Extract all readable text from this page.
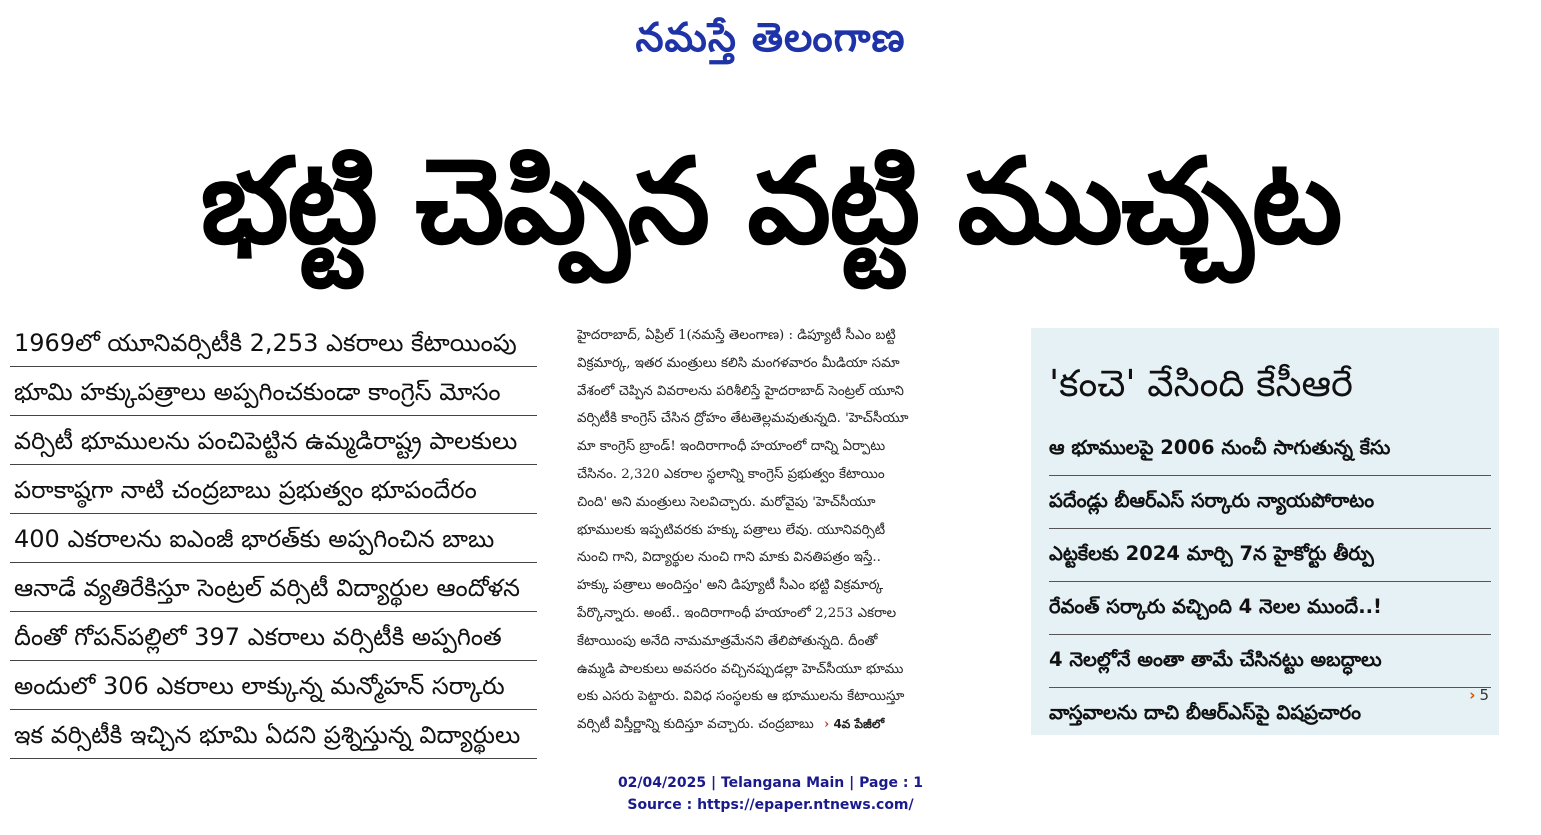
నమస్తే తెలంగాణ
భట్టి చెప్పిన వట్టి ముచ్చట
1969లో యూనివర్సిటీకి 2,253 ఎకరాలు కేటాయింపు
భూమి హక్కుపత్రాలు అప్పగించకుండా కాంగ్రెస్ మోసం
వర్సిటీ భూములను పంచిపెట్టిన ఉమ్మడిరాష్ట్ర పాలకులు
పరాకాష్ఠగా నాటి చంద్రబాబు ప్రభుత్వం భూపందేరం
400 ఎకరాలను ఐఎంజీ భారత్‌కు అప్పగించిన బాబు
ఆనాడే వ్యతిరేకిస్తూ సెంట్రల్ వర్సిటీ విద్యార్థుల ఆందోళన
దీంతో గోపన్‌పల్లిలో 397 ఎకరాలు వర్సిటీకి అప్పగింత
అందులో 306 ఎకరాలు లాక్కున్న మన్మోహన్ సర్కారు
ఇక వర్సిటీకి ఇచ్చిన భూమి ఏదని ప్రశ్నిస్తున్న విద్యార్థులు
హైదరాబాద్, ఏప్రిల్ 1(నమస్తే తెలంగాణ) : డిప్యూటీ సీఎం బట్టి
విక్రమార్క, ఇతర మంత్రులు కలిసి మంగళవారం మీడియా సమా
వేశంలో చెప్పిన వివరాలను పరిశీలిస్తే హైదరాబాద్ సెంట్రల్ యూని
వర్సిటీకి కాంగ్రెస్ చేసిన ద్రోహం తేటతెల్లమవుతున్నది. 'హెచ్‌సీయూ
మా కాంగ్రెస్ బ్రాండ్! ఇందిరాగాంధీ హయాంలో దాన్ని ఏర్పాటు
చేసినం. 2,320 ఎకరాల స్థలాన్ని కాంగ్రెస్ ప్రభుత్వం కేటాయిం
చింది' అని మంత్రులు సెలవిచ్చారు. మరోవైపు 'హెచ్‌సీయూ
భూములకు ఇప్పటివరకు హక్కు పత్రాలు లేవు. యూనివర్సిటీ
నుంచి గాని, విద్యార్థుల నుంచి గాని మాకు వినతిపత్రం ఇస్తే..
హక్కు పత్రాలు అందిస్తం' అని డిప్యూటీ సీఎం భట్టి విక్రమార్క
పేర్కొన్నారు. అంటే.. ఇందిరాగాంధీ హయాంలో 2,253 ఎకరాల
కేటాయింపు అనేది నామమాత్రమేనని తేలిపోతున్నది. దీంతో
ఉమ్మడి పాలకులు అవసరం వచ్చినప్పుడల్లా హెచ్‌సీయూ భూము
లకు ఎసరు పెట్టారు. వివిధ సంస్థలకు ఆ భూములను కేటాయిస్తూ
వర్సిటీ విస్తీర్ణాన్ని కుదిస్తూ వచ్చారు. చంద్రబాబు › 4వ పేజీలో
'కంచె' వేసింది కేసీఆరే
ఆ భూములపై 2006 నుంచీ సాగుతున్న కేసు
పదేండ్లు బీఆర్‌ఎస్ సర్కారు న్యాయపోరాటం
ఎట్టకేలకు 2024 మార్చి 7న హైకోర్టు తీర్పు
రేవంత్ సర్కారు వచ్చింది 4 నెలల ముందే..!
4 నెలల్లోనే అంతా తామే చేసినట్టు అబద్ధాలు
వాస్తవాలను దాచి బీఆర్‌ఎస్‌పై విషప్రచారం
› 5
02/04/2025 | Telangana Main | Page : 1
Source : https://epaper.ntnews.com/
